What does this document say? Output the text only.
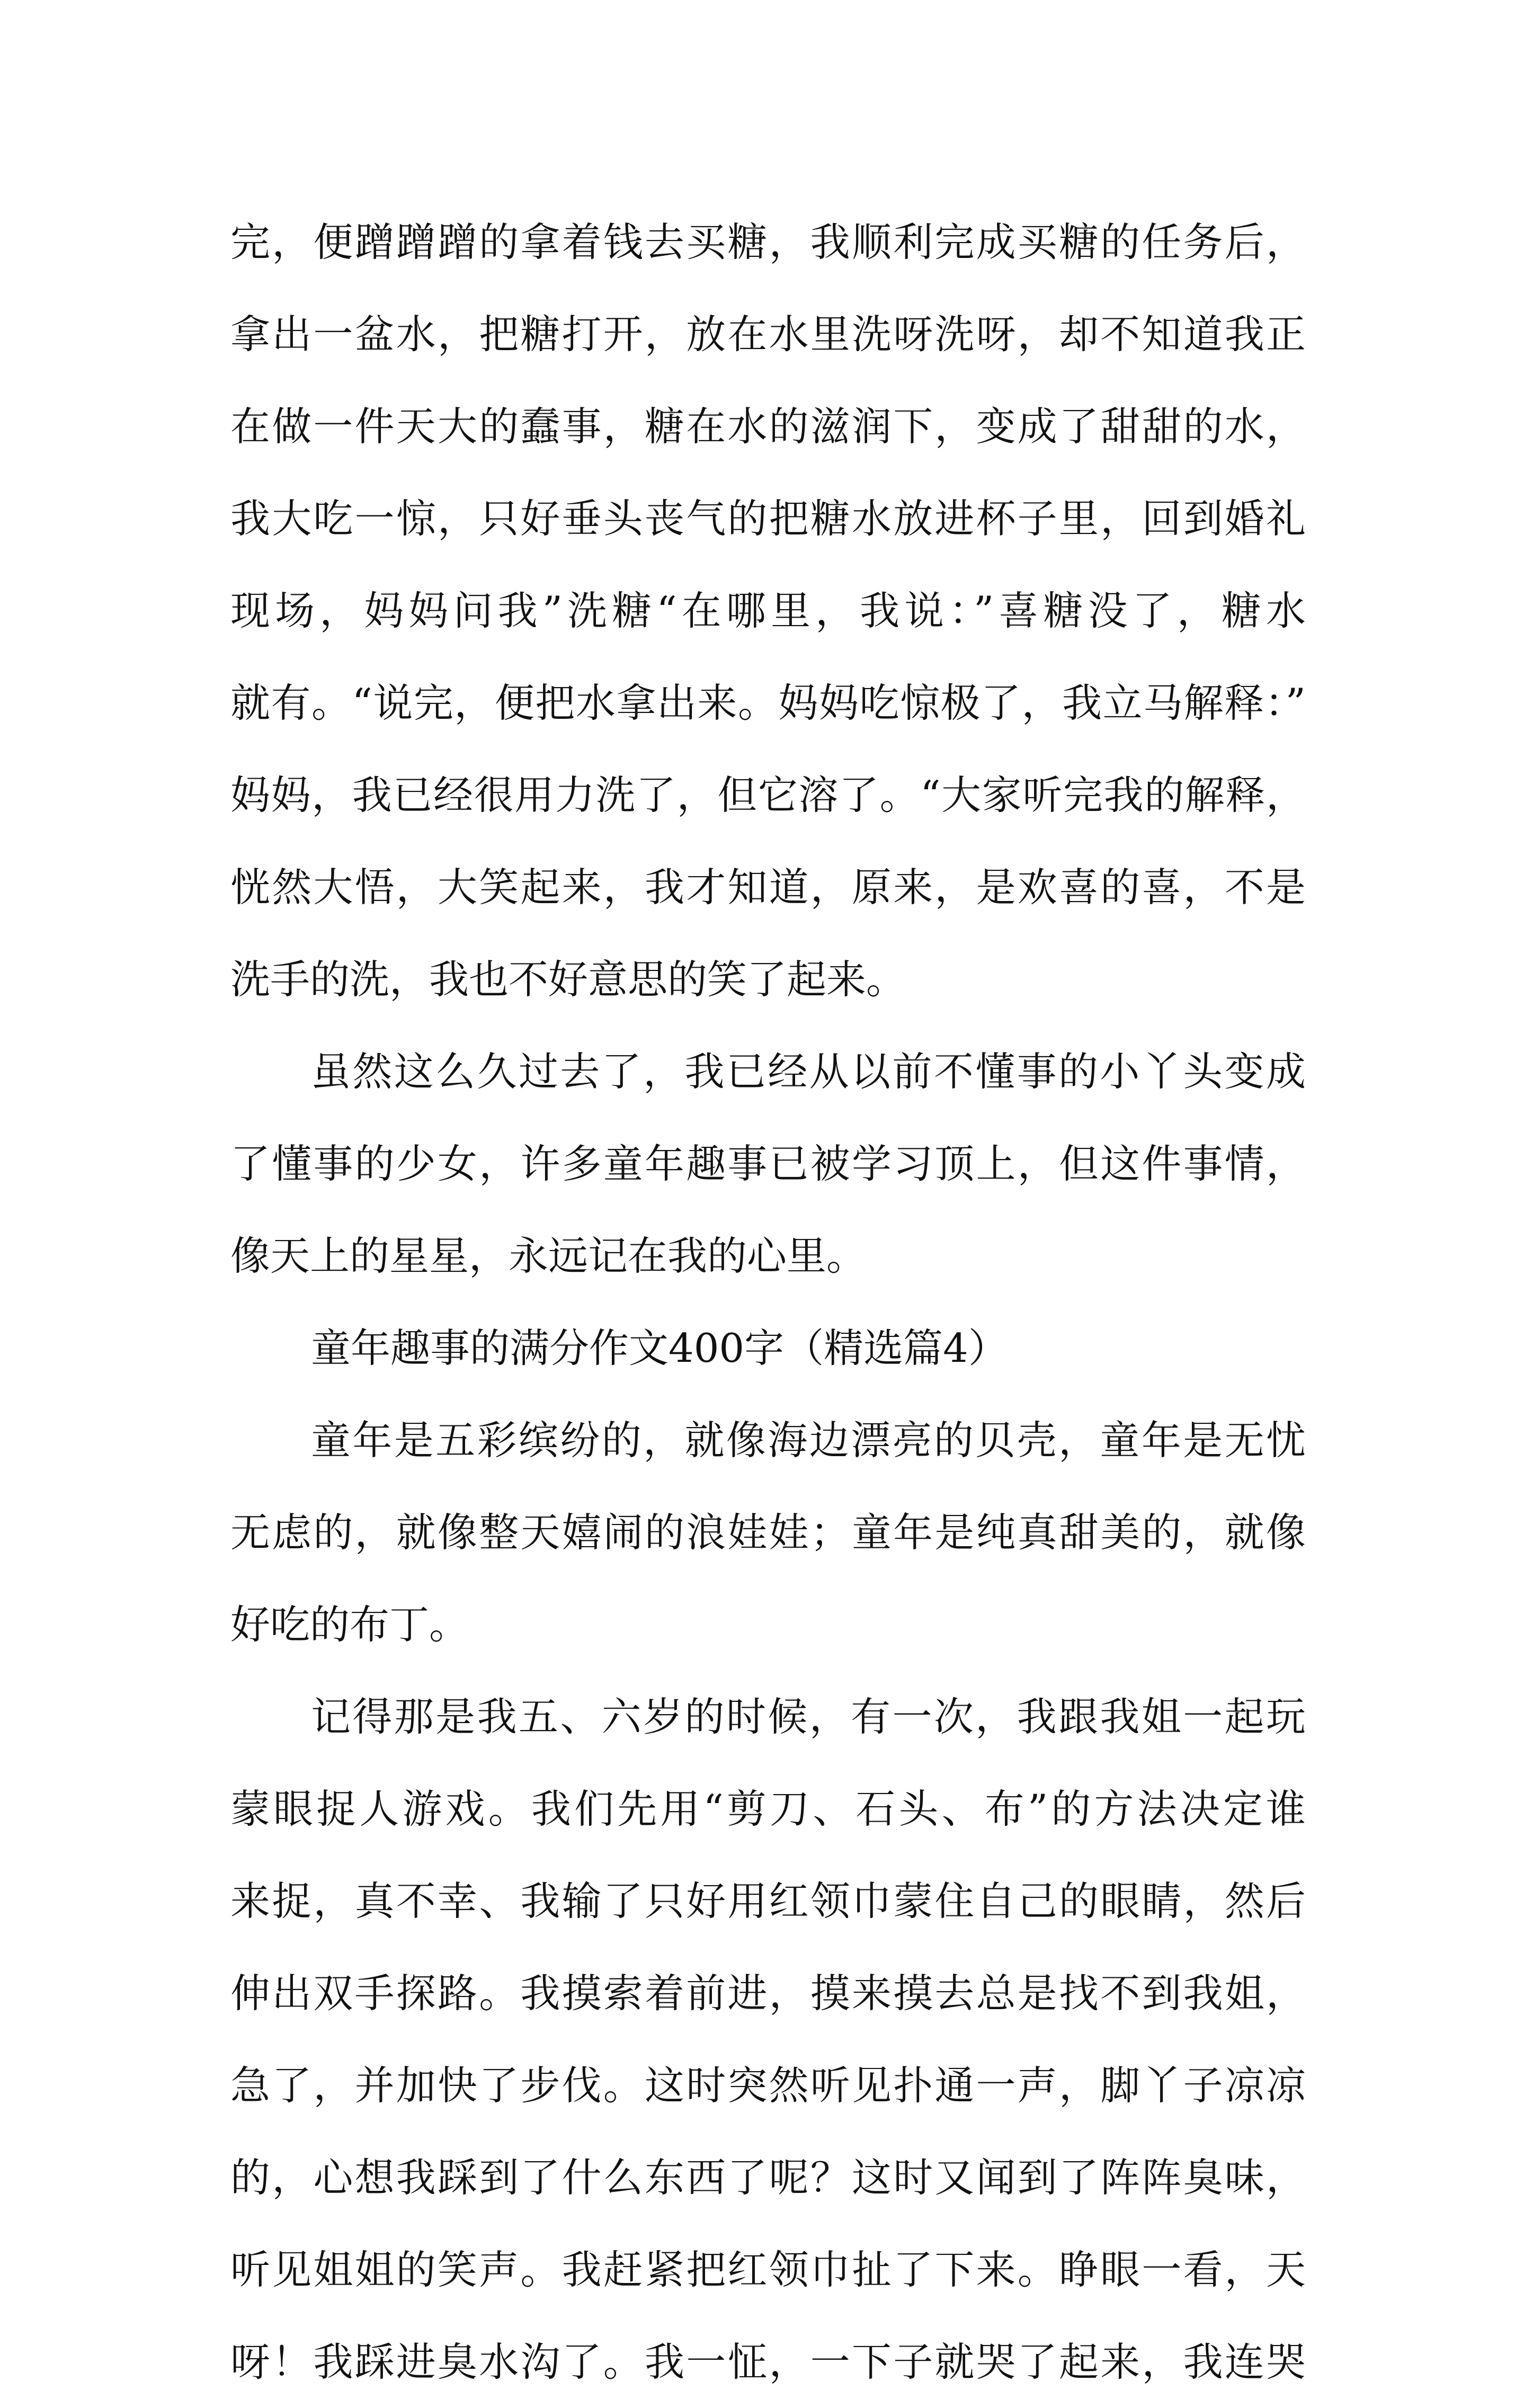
完，便蹭蹭蹭的拿着钱去买糖，我顺利完成买糖的任务后，
拿出一盆水，把糖打开，放在水里洗呀洗呀，却不知道我正
在做一件天大的蠢事，糖在水的滋润下，变成了甜甜的水，
我大吃一惊，只好垂头丧气的把糖水放进杯子里，回到婚礼
现场，妈妈问我”洗糖“在哪里，我说：”喜糖没了，糖水
就有。“说完，便把水拿出来。妈妈吃惊极了，我立马解释：”
妈妈，我已经很用力洗了，但它溶了。“大家听完我的解释，
恍然大悟，大笑起来，我才知道，原来，是欢喜的喜，不是
洗手的洗，我也不好意思的笑了起来。
虽然这么久过去了，我已经从以前不懂事的小丫头变成
了懂事的少女，许多童年趣事已被学习顶上，但这件事情，
像天上的星星，永远记在我的心里。
童年趣事的满分作文400字（精选篇4）
童年是五彩缤纷的，就像海边漂亮的贝壳，童年是无忧
无虑的，就像整天嬉闹的浪娃娃；童年是纯真甜美的，就像
好吃的布丁。
记得那是我五、六岁的时候，有一次，我跟我姐一起玩
蒙眼捉人游戏。我们先用“剪刀、石头、布”的方法决定谁
来捉，真不幸、我输了只好用红领巾蒙住自己的眼睛，然后
伸出双手探路。我摸索着前进，摸来摸去总是找不到我姐，
急了，并加快了步伐。这时突然听见扑通一声，脚丫子凉凉
的，心想我踩到了什么东西了呢？这时又闻到了阵阵臭味，
听见姐姐的笑声。我赶紧把红领巾扯了下来。睁眼一看，天
呀！我踩进臭水沟了。我一怔，一下子就哭了起来，我连哭
